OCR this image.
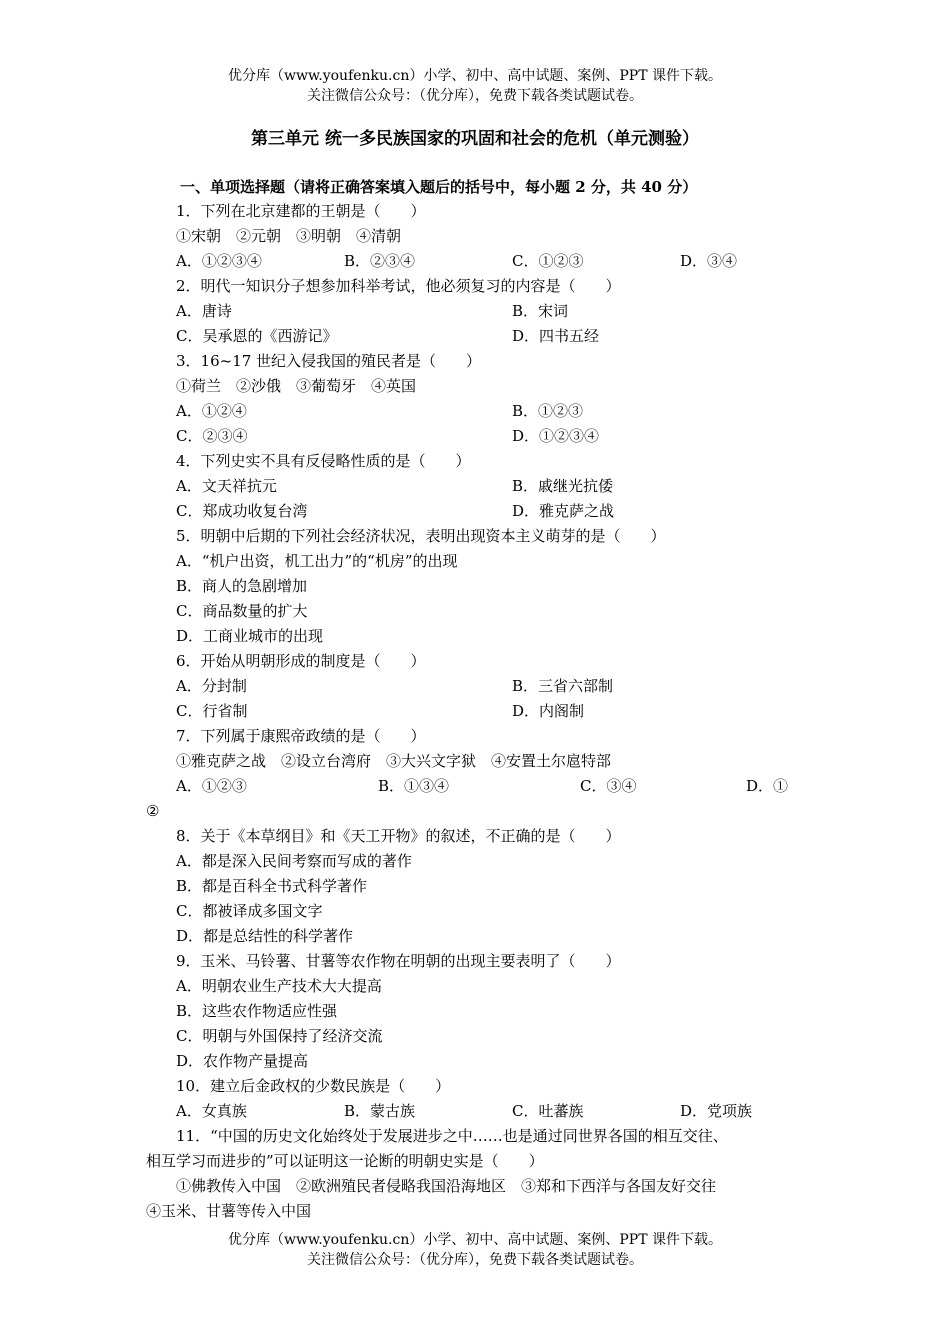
优分库（www.youfenku.cn）小学、初中、高中试题、案例、PPT 课件下载。
关注微信公众号：（优分库），免费下载各类试题试卷。
第三单元 统一多民族国家的巩固和社会的危机（单元测验）
一、单项选择题（请将正确答案填入题后的括号中，每小题 2 分，共 40 分）
1．下列在北京建都的王朝是（　　）
①宋朝　②元朝　③明朝　④清朝
A．①②③④	B．②③④	C．①②③	D．③④
2．明代一知识分子想参加科举考试，他必须复习的内容是（　　）
A．唐诗	B．宋词
C．吴承恩的《西游记》	D．四书五经
3．16~17 世纪入侵我国的殖民者是（　　）
①荷兰　②沙俄　③葡萄牙　④英国
A．①②④	B．①②③
C．②③④	D．①②③④
4．下列史实不具有反侵略性质的是（　　）
A．文天祥抗元	B．戚继光抗倭
C．郑成功收复台湾	D．雅克萨之战
5．明朝中后期的下列社会经济状况，表明出现资本主义萌芽的是（　　）
A．“机户出资，机工出力”的“机房”的出现
B．商人的急剧增加
C．商品数量的扩大
D．工商业城市的出现
6．开始从明朝形成的制度是（　　）
A．分封制	B．三省六部制
C．行省制	D．内阁制
7．下列属于康熙帝政绩的是（　　）
①雅克萨之战　②设立台湾府　③大兴文字狱　④安置土尔扈特部
A．①②③	B．①③④	C．③④	D．①
②
8．关于《本草纲目》和《天工开物》的叙述，不正确的是（　　）
A．都是深入民间考察而写成的著作
B．都是百科全书式科学著作
C．都被译成多国文字
D．都是总结性的科学著作
9．玉米、马铃薯、甘薯等农作物在明朝的出现主要表明了（　　）
A．明朝农业生产技术大大提高
B．这些农作物适应性强
C．明朝与外国保持了经济交流
D．农作物产量提高
10．建立后金政权的少数民族是（　　）
A．女真族	B．蒙古族	C．吐蕃族	D．党项族
11．“中国的历史文化始终处于发展进步之中……也是通过同世界各国的相互交往、
相互学习而进步的”可以证明这一论断的明朝史实是（　　）
①佛教传入中国　②欧洲殖民者侵略我国沿海地区　③郑和下西洋与各国友好交往
④玉米、甘薯等传入中国
优分库（www.youfenku.cn）小学、初中、高中试题、案例、PPT 课件下载。
关注微信公众号：（优分库），免费下载各类试题试卷。
